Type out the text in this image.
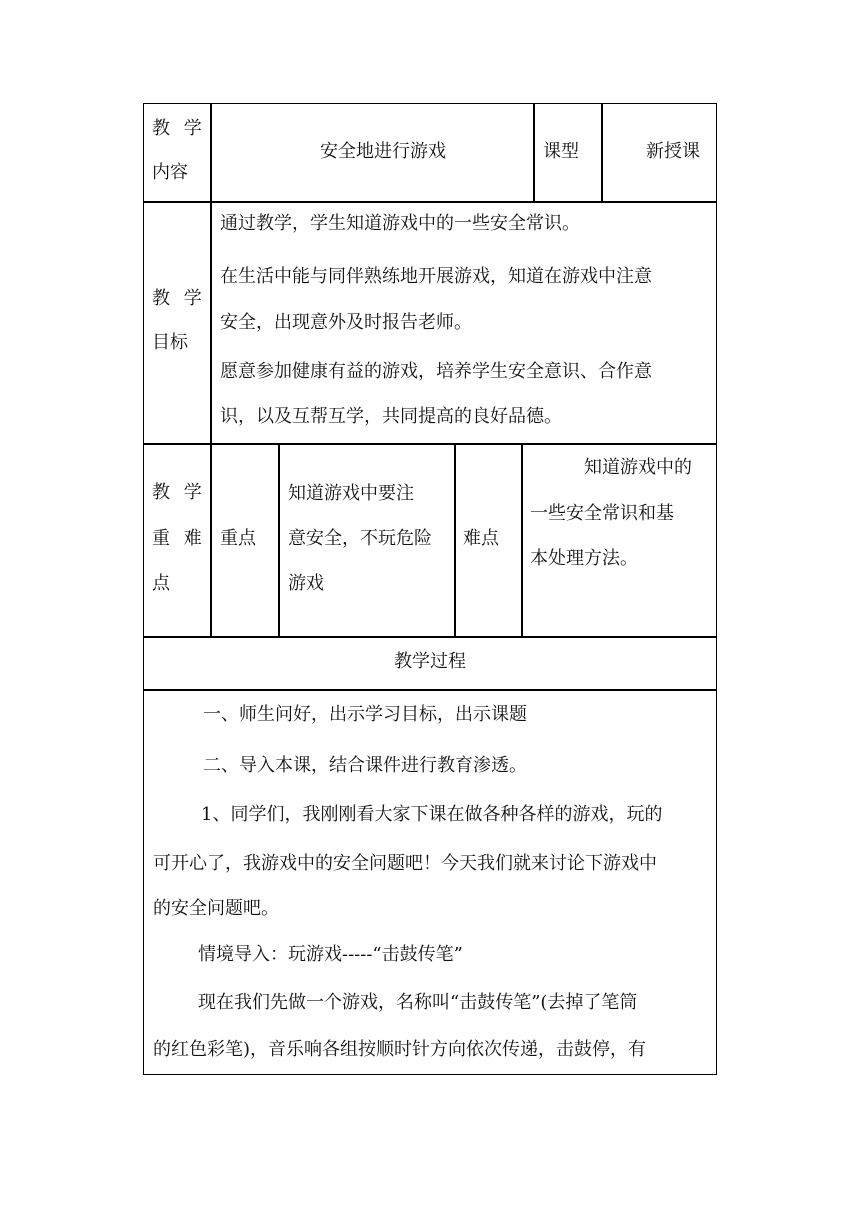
教 学
内容
安全地进行游戏	课型	新授课
教 学
目标
通过教学，学生知道游戏中的一些安全常识。
在生活中能与同伴熟练地开展游戏，知道在游戏中注意
安全，出现意外及时报告老师。
愿意参加健康有益的游戏，培养学生安全意识、合作意
识，以及互帮互学，共同提高的良好品德。
教 学
重 难
点
重点
知道游戏中要注
意安全，不玩危险
游戏
难点
知道游戏中的
一些安全常识和基
本处理方法。
教学过程
一、师生问好，出示学习目标，出示课题
二、导入本课，结合课件进行教育渗透。
1、同学们，我刚刚看大家下课在做各种各样的游戏，玩的
可开心了，我游戏中的安全问题吧！今天我们就来讨论下游戏中
的安全问题吧。
情境导入：玩游戏-----“击鼓传笔”
现在我们先做一个游戏，名称叫“击鼓传笔”(去掉了笔筒
的红色彩笔)，音乐响各组按顺时针方向依次传递，击鼓停，有
